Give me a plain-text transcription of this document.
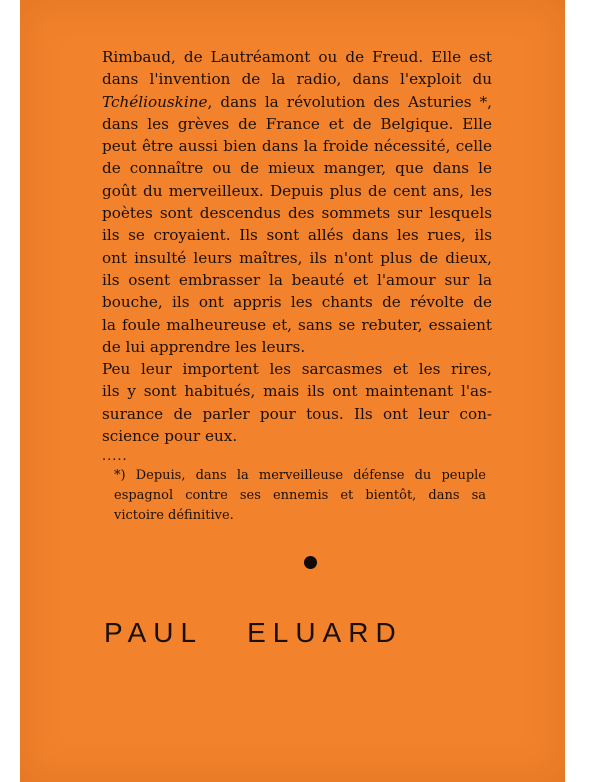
Rimbaud, de Lautréamont ou de Freud. Elle est
dans l'invention de la radio, dans l'exploit du
Tchéliouskine, dans la révolution des Asturies *,
dans les grèves de France et de Belgique. Elle
peut être aussi bien dans la froide nécessité, celle
de connaître ou de mieux manger, que dans le
goût du merveilleux. Depuis plus de cent ans, les
poètes sont descendus des sommets sur lesquels
ils se croyaient. Ils sont allés dans les rues, ils
ont insulté leurs maîtres, ils n'ont plus de dieux,
ils osent embrasser la beauté et l'amour sur la
bouche, ils ont appris les chants de révolte de
la foule malheureuse et, sans se rebuter, essaient
de lui apprendre les leurs.
Peu leur importent les sarcasmes et les rires,
ils y sont habitués, mais ils ont maintenant l'as-
surance de parler pour tous. Ils ont leur con-
science pour eux.
.....
*) Depuis, dans la merveilleuse défense du peuple
espagnol contre ses ennemis et bientôt, dans sa
victoire définitive.
PAUL ELUARD
